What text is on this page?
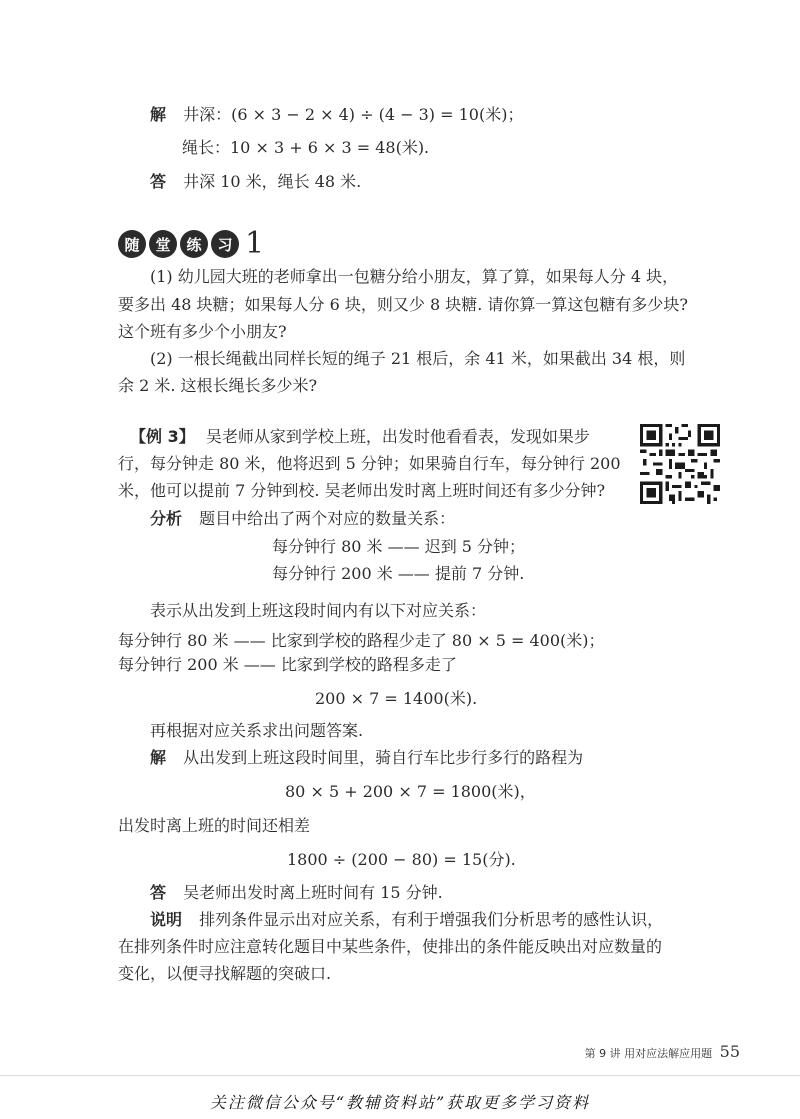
解 井深：(6 × 3 − 2 × 4) ÷ (4 − 3) = 10(米)；
绳长：10 × 3 + 6 × 3 = 48(米).
答 井深 10 米，绳长 48 米.
随	堂	练	习 1
(1) 幼儿园大班的老师拿出一包糖分给小朋友，算了算，如果每人分 4 块，
要多出 48 块糖；如果每人分 6 块，则又少 8 块糖. 请你算一算这包糖有多少块?
这个班有多少个小朋友?
(2) 一根长绳截出同样长短的绳子 21 根后，余 41 米，如果截出 34 根，则
余 2 米. 这根长绳长多少米?
【例 3】 吴老师从家到学校上班，出发时他看看表，发现如果步
行，每分钟走 80 米，他将迟到 5 分钟；如果骑自行车，每分钟行 200
米，他可以提前 7 分钟到校. 吴老师出发时离上班时间还有多少分钟?
分析 题目中给出了两个对应的数量关系：
每分钟行 80 米 —— 迟到 5 分钟；
每分钟行 200 米 —— 提前 7 分钟.
表示从出发到上班这段时间内有以下对应关系：
每分钟行 80 米 —— 比家到学校的路程少走了 80 × 5 = 400(米)；
每分钟行 200 米 —— 比家到学校的路程多走了
200 × 7 = 1400(米).
再根据对应关系求出问题答案.
解 从出发到上班这段时间里，骑自行车比步行多行的路程为
80 × 5 + 200 × 7 = 1800(米)，
出发时离上班的时间还相差
1800 ÷ (200 − 80) = 15(分).
答 吴老师出发时离上班时间有 15 分钟.
说明 排列条件显示出对应关系，有利于增强我们分析思考的感性认识，
在排列条件时应注意转化题目中某些条件，使排出的条件能反映出对应数量的
变化，以便寻找解题的突破口.
第 9 讲 用对应法解应用题 55
关注微信公众号“教辅资料站”获取更多学习资料
